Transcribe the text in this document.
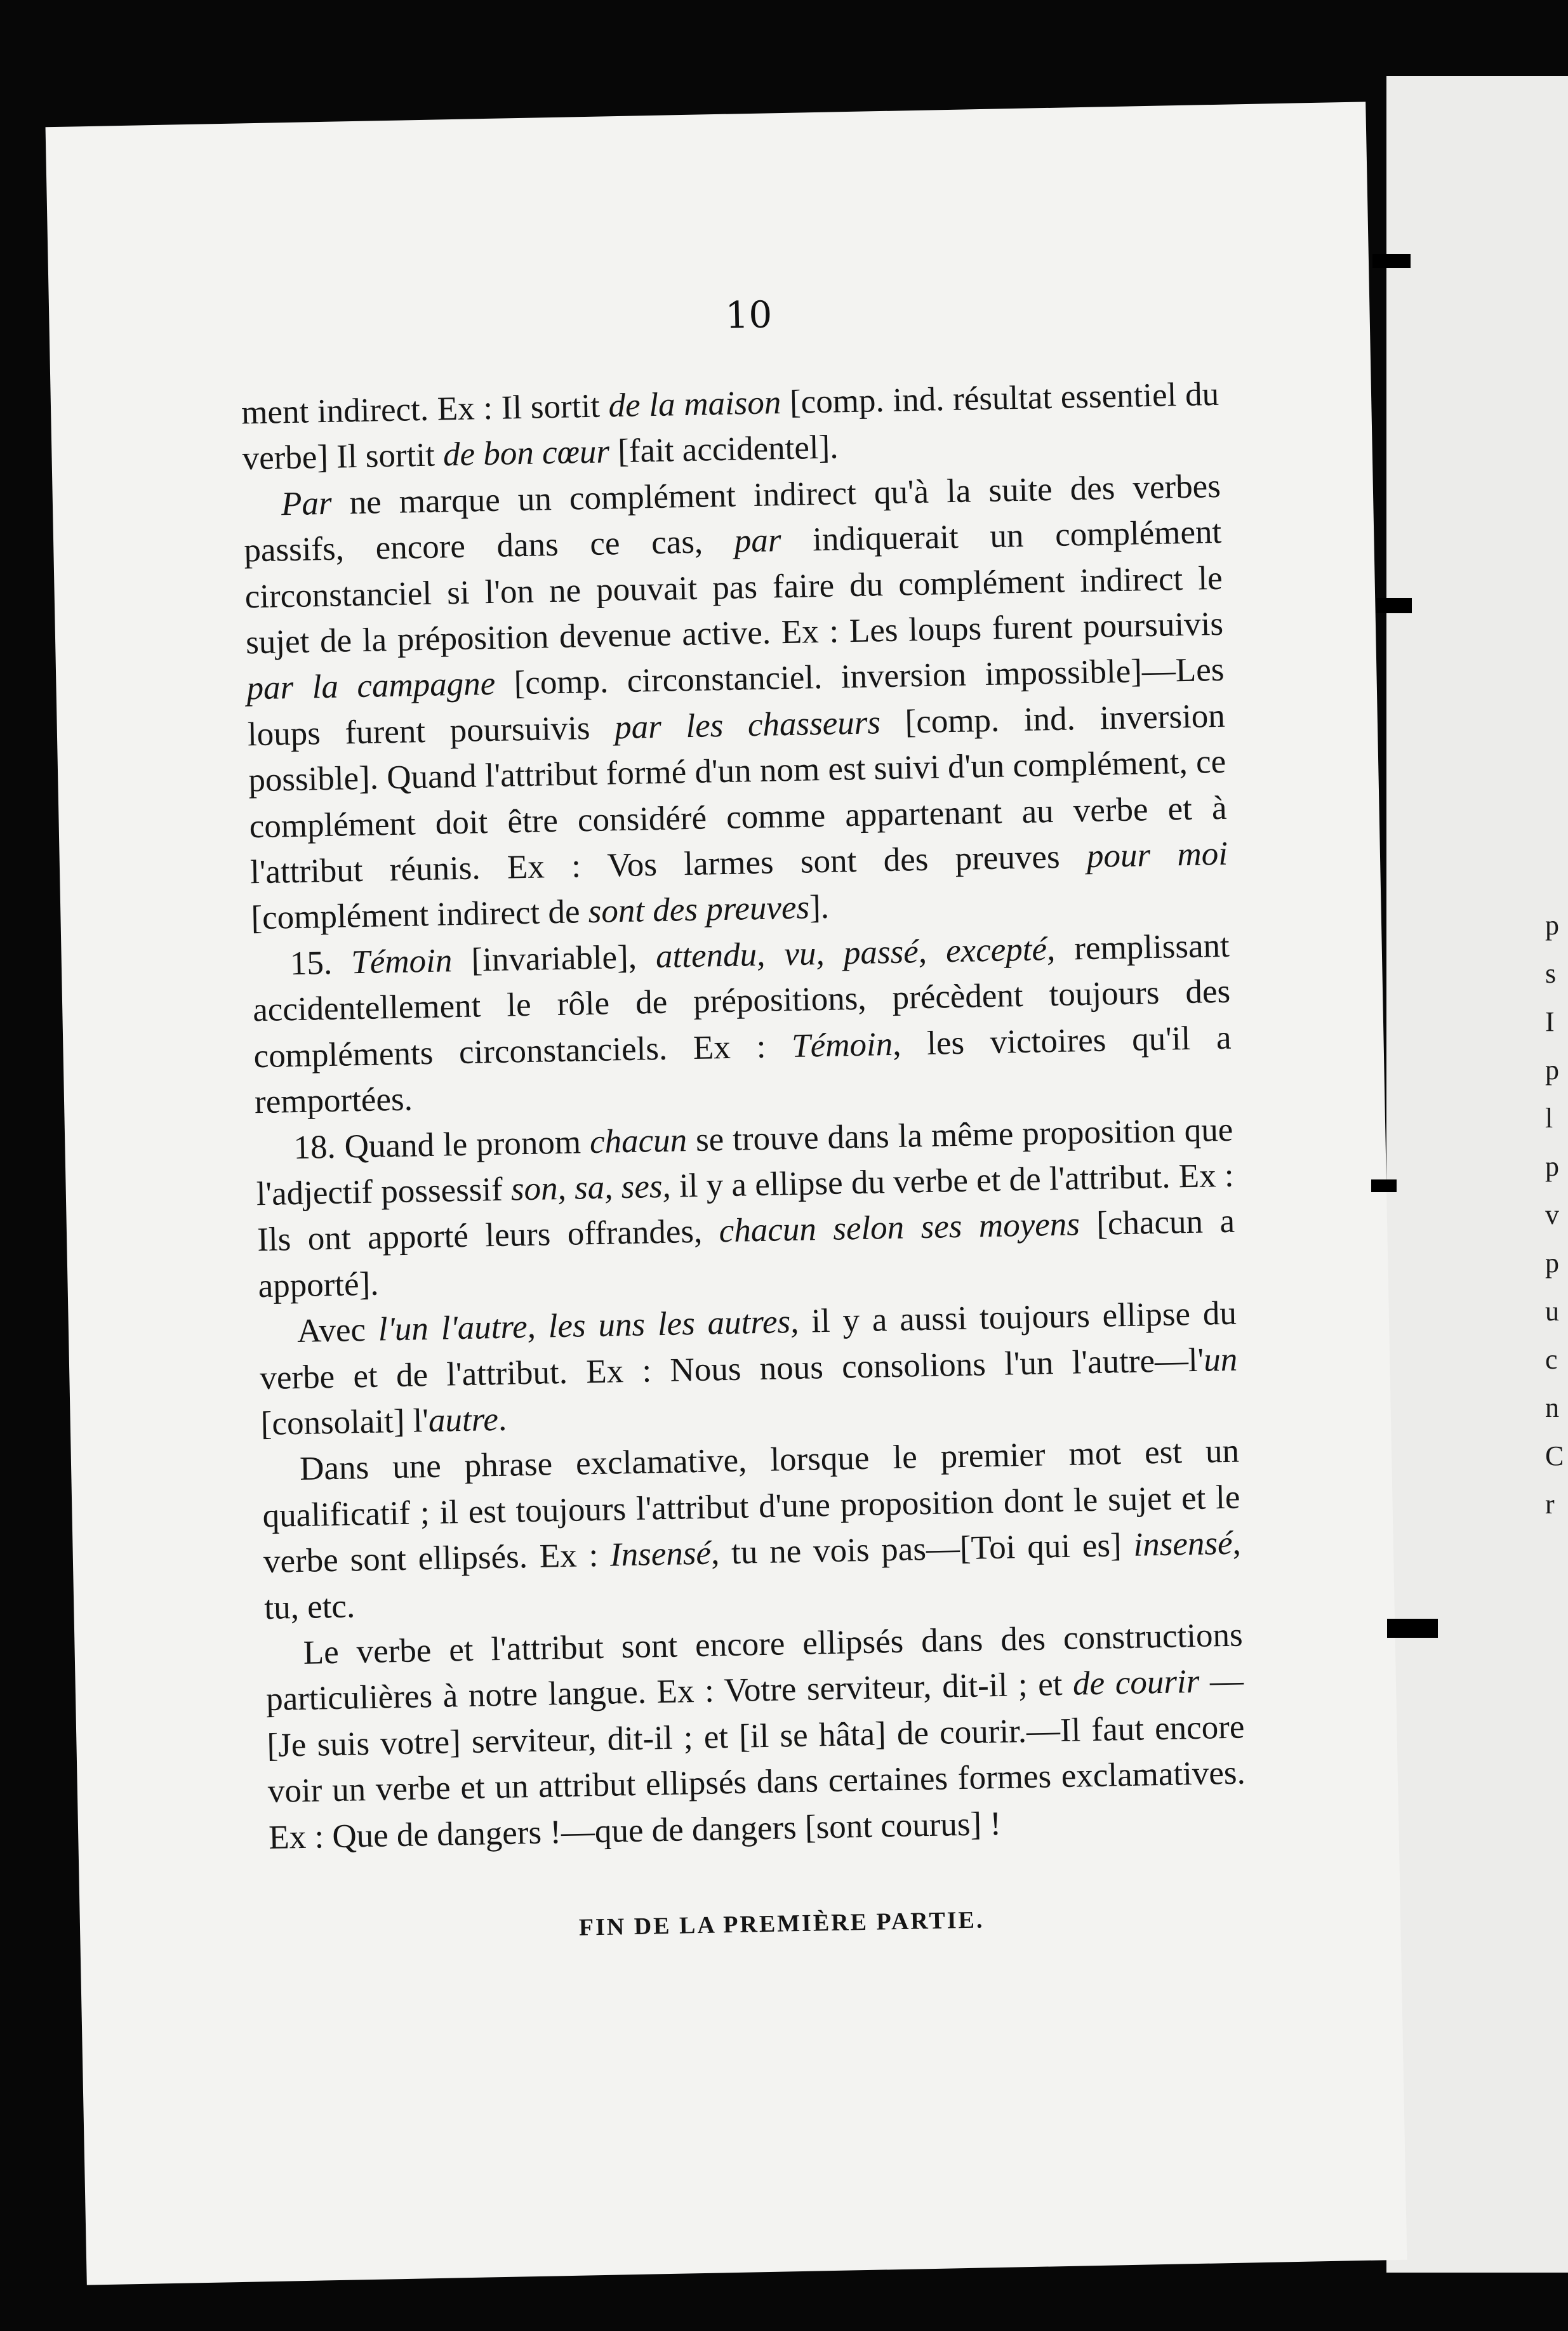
p
s
I
p
l
p
v
p
u
c
n
C
r
10

ment indirect. Ex : Il sortit de la maison [comp. ind. résultat essentiel du verbe] Il sortit de bon cœur [fait accidentel].

Par ne marque un complément indirect qu'à la suite des verbes passifs, encore dans ce cas, par indiquerait un complément circonstanciel si l'on ne pouvait pas faire du complément indirect le sujet de la préposition devenue active. Ex : Les loups furent poursuivis par la campagne [comp. circonstanciel. inversion impossible]—Les loups furent poursuivis par les chasseurs [comp. ind. inversion possible]. Quand l'attribut formé d'un nom est suivi d'un complément, ce complément doit être considéré comme appartenant au verbe et à l'attribut réunis. Ex : Vos larmes sont des preuves pour moi [complément indirect de sont des preuves].

15. Témoin [invariable], attendu, vu, passé, excepté, remplissant accidentellement le rôle de prépositions, précèdent toujours des compléments circonstanciels. Ex : Témoin, les victoires qu'il a remportées.

18. Quand le pronom chacun se trouve dans la même proposition que l'adjectif possessif son, sa, ses, il y a ellipse du verbe et de l'attribut. Ex : Ils ont apporté leurs offrandes, chacun selon ses moyens [chacun a apporté].

Avec l'un l'autre, les uns les autres, il y a aussi toujours ellipse du verbe et de l'attribut. Ex : Nous nous consolions l'un l'autre—l'un [consolait] l'autre.

Dans une phrase exclamative, lorsque le premier mot est un qualificatif ; il est toujours l'attribut d'une proposition dont le sujet et le verbe sont ellipsés. Ex : Insensé, tu ne vois pas—[Toi qui es] insensé, tu, etc.

Le verbe et l'attribut sont encore ellipsés dans des constructions particulières à notre langue. Ex : Votre serviteur, dit-il ; et de courir —[Je suis votre] serviteur, dit-il ; et [il se hâta] de courir.—Il faut encore voir un verbe et un attribut ellipsés dans certaines formes exclamatives. Ex : Que de dangers !—que de dangers [sont courus] !

FIN DE LA PREMIÈRE PARTIE.
